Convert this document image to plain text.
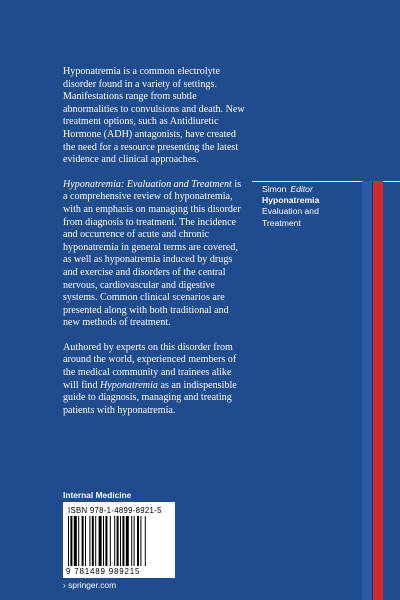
Hyponatremia is a common electrolyte disorder found in a variety of settings. Manifestations range from subtle abnormalities to convulsions and death. New treatment options, such as Antidiuretic Hormone (ADH) antagonists, have created the need for a resource presenting the latest evidence and clinical approaches.

Hyponatremia: Evaluation and Treatment is a comprehensive review of hyponatremia, with an emphasis on managing this disorder from diagnosis to treatment. The incidence and occurrence of acute and chronic hyponatremia in general terms are covered, as well as hyponatremia induced by drugs and exercise and disorders of the central nervous, cardiovascular and digestive systems. Common clinical scenarios are presented along with both traditional and new methods of treatment.

Authored by experts on this disorder from around the world, experienced members of the medical community and trainees alike will find Hyponatremia as an indispensible guide to diagnosis, managing and treating patients with hyponatremia.

Simon Editor
Hyponatremia
Evaluation and
Treatment
Internal Medicine
ISBN 978-1-4899-8921-5
9 781489 989215
› springer.com
